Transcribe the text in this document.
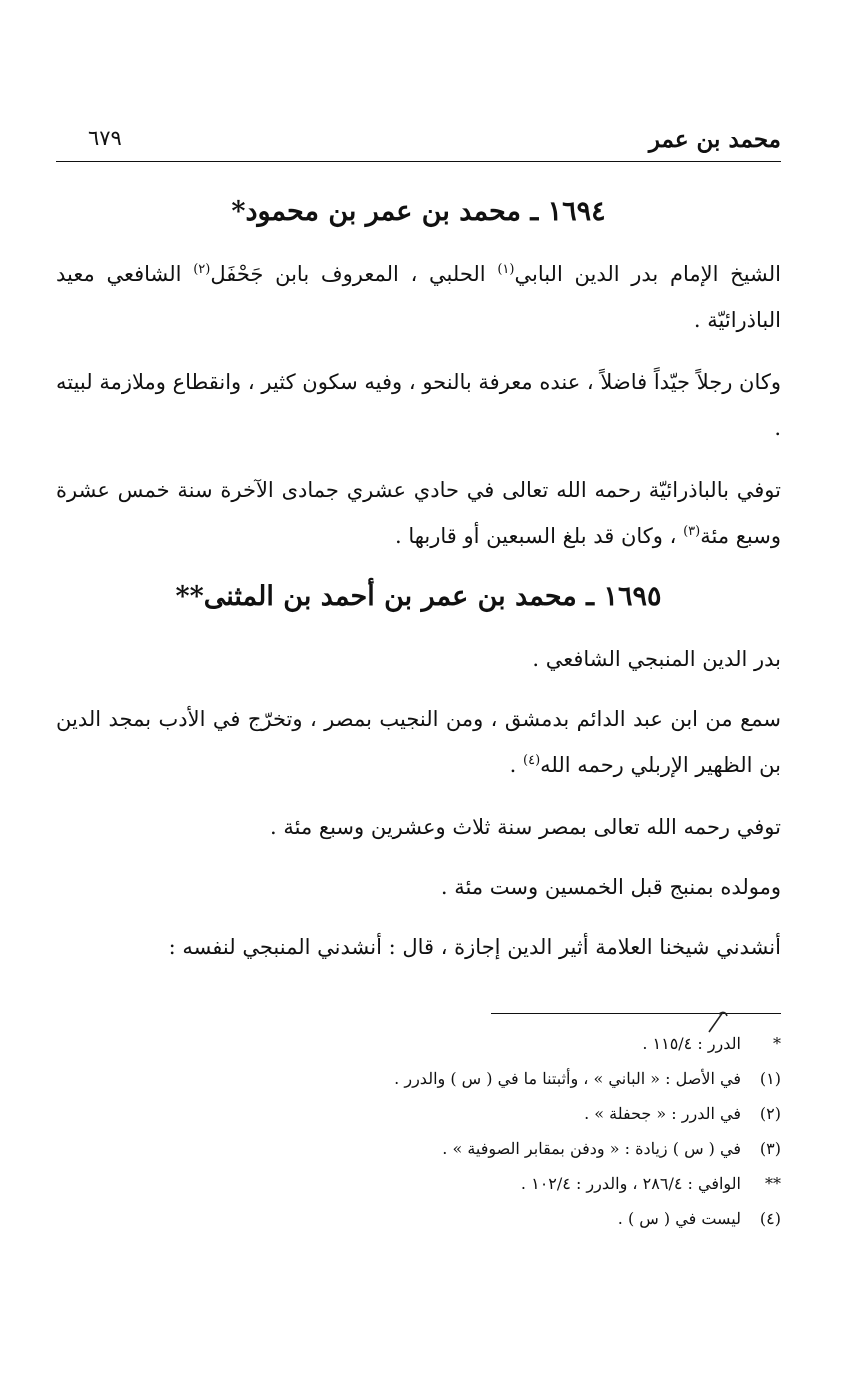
محمد بن عمر
٦٧٩
١٦٩٤ ـ محمد بن عمر بن محمود*

الشيخ الإمام بدر الدين البابي$^{(١)}$ الحلبي ، المعروف بابن جَحْفَل$^{(٢)}$ الشافعي معيد الباذرائيّة .

وكان رجلاً جيّداً فاضلاً ، عنده معرفة بالنحو ، وفيه سكون كثير ، وانقطاع وملازمة لبيته .

توفي بالباذرائيّة رحمه الله تعالى في حادي عشري جمادى الآخرة سنة خمس عشرة وسبع مئة$^{(٣)}$ ، وكان قد بلغ السبعين أو قاربها .

١٦٩٥ ـ محمد بن عمر بن أحمد بن المثنى**

بدر الدين المنبجي الشافعي .

سمع من ابن عبد الدائم بدمشق ، ومن النجيب بمصر ، وتخرّج في الأدب بمجد الدين بن الظهير الإربلي رحمه الله$^{(٤)}$ .

توفي رحمه الله تعالى بمصر سنة ثلاث وعشرين وسبع مئة .

ومولده بمنبج قبل الخمسين وست مئة .

أنشدني شيخنا العلامة أثير الدين إجازة ، قال : أنشدني المنبجي لنفسه :

*
الدرر : ١١٥/٤ .
(١)
في الأصل : « الباني » ، وأثبتنا ما في ( س ) والدرر .
(٢)
في الدرر : « جحفلة » .
(٣)
في ( س ) زيادة : « ودفن بمقابر الصوفية » .
**
الوافي : ٢٨٦/٤ ، والدرر : ١٠٢/٤ .
(٤)
ليست في ( س ) .
